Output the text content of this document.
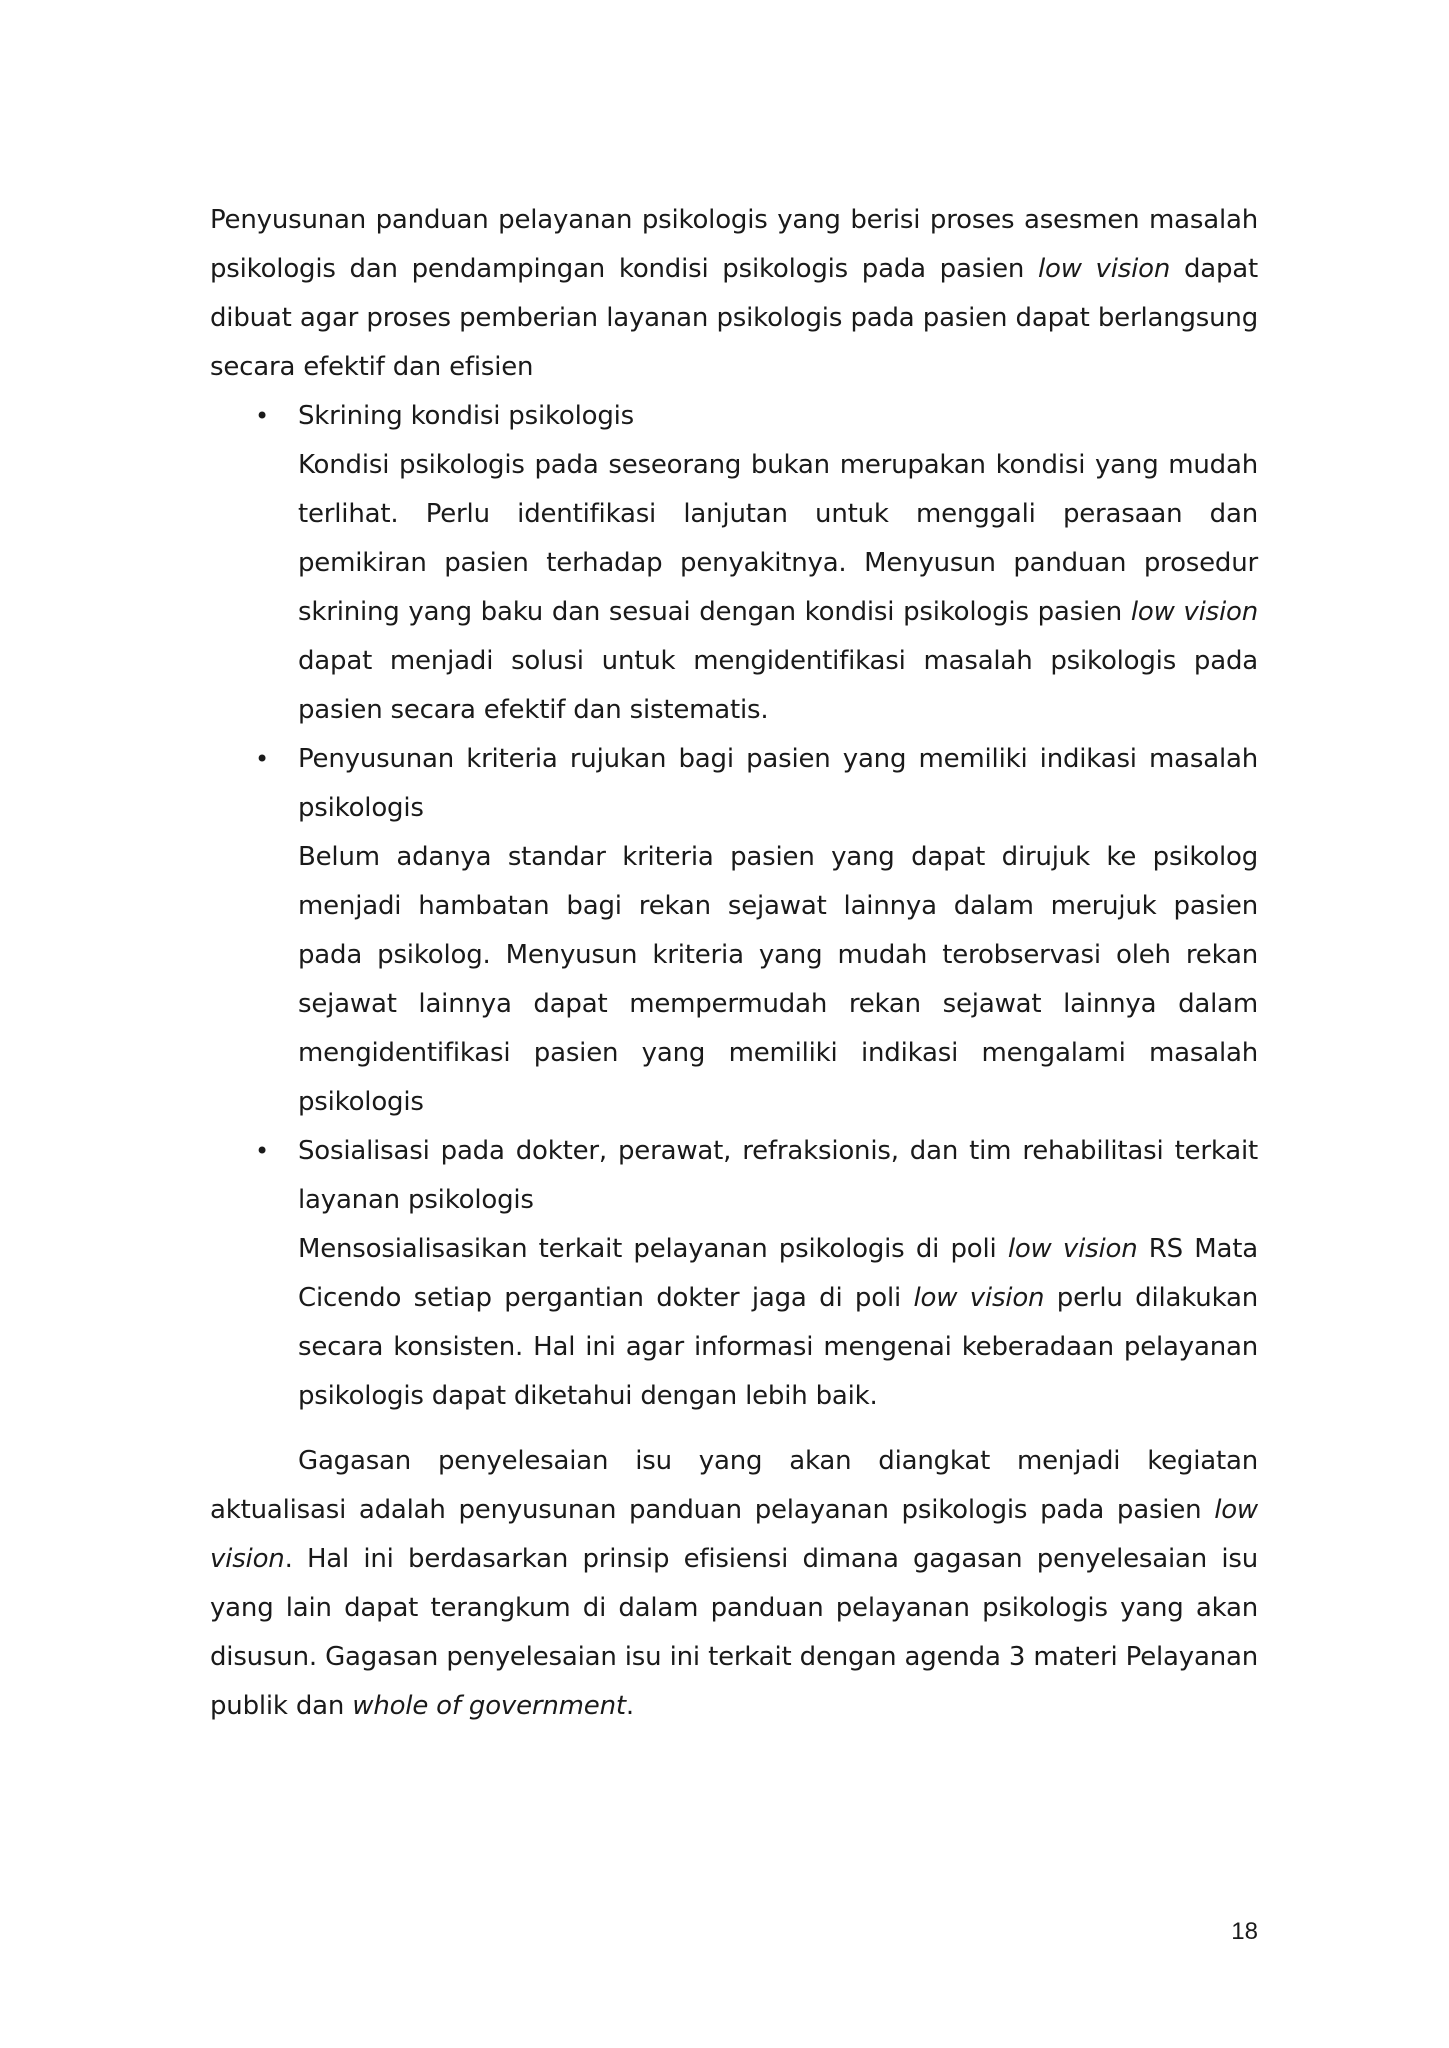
Penyusunan panduan pelayanan psikologis yang berisi proses asesmen masalah psikologis dan pendampingan kondisi psikologis pada pasien low vision dapat dibuat agar proses pemberian layanan psikologis pada pasien dapat berlangsung secara efektif dan efisien

• Skrining kondisi psikologis
Kondisi psikologis pada seseorang bukan merupakan kondisi yang mudah terlihat. Perlu identifikasi lanjutan untuk menggali perasaan dan pemikiran pasien terhadap penyakitnya. Menyusun panduan prosedur skrining yang baku dan sesuai dengan kondisi psikologis pasien low vision dapat menjadi solusi untuk mengidentifikasi masalah psikologis pada pasien secara efektif dan sistematis.
• Penyusunan kriteria rujukan bagi pasien yang memiliki indikasi masalah psikologis
Belum adanya standar kriteria pasien yang dapat dirujuk ke psikolog menjadi hambatan bagi rekan sejawat lainnya dalam merujuk pasien pada psikolog. Menyusun kriteria yang mudah terobservasi oleh rekan sejawat lainnya dapat mempermudah rekan sejawat lainnya dalam mengidentifikasi pasien yang memiliki indikasi mengalami masalah psikologis
• Sosialisasi pada dokter, perawat, refraksionis, dan tim rehabilitasi terkait layanan psikologis
Mensosialisasikan terkait pelayanan psikologis di poli low vision RS Mata Cicendo setiap pergantian dokter jaga di poli low vision perlu dilakukan secara konsisten. Hal ini agar informasi mengenai keberadaan pelayanan psikologis dapat diketahui dengan lebih baik.

Gagasan penyelesaian isu yang akan diangkat menjadi kegiatan aktualisasi adalah penyusunan panduan pelayanan psikologis pada pasien low vision. Hal ini berdasarkan prinsip efisiensi dimana gagasan penyelesaian isu yang lain dapat terangkum di dalam panduan pelayanan psikologis yang akan disusun. Gagasan penyelesaian isu ini terkait dengan agenda 3 materi Pelayanan publik dan whole of government.

18
